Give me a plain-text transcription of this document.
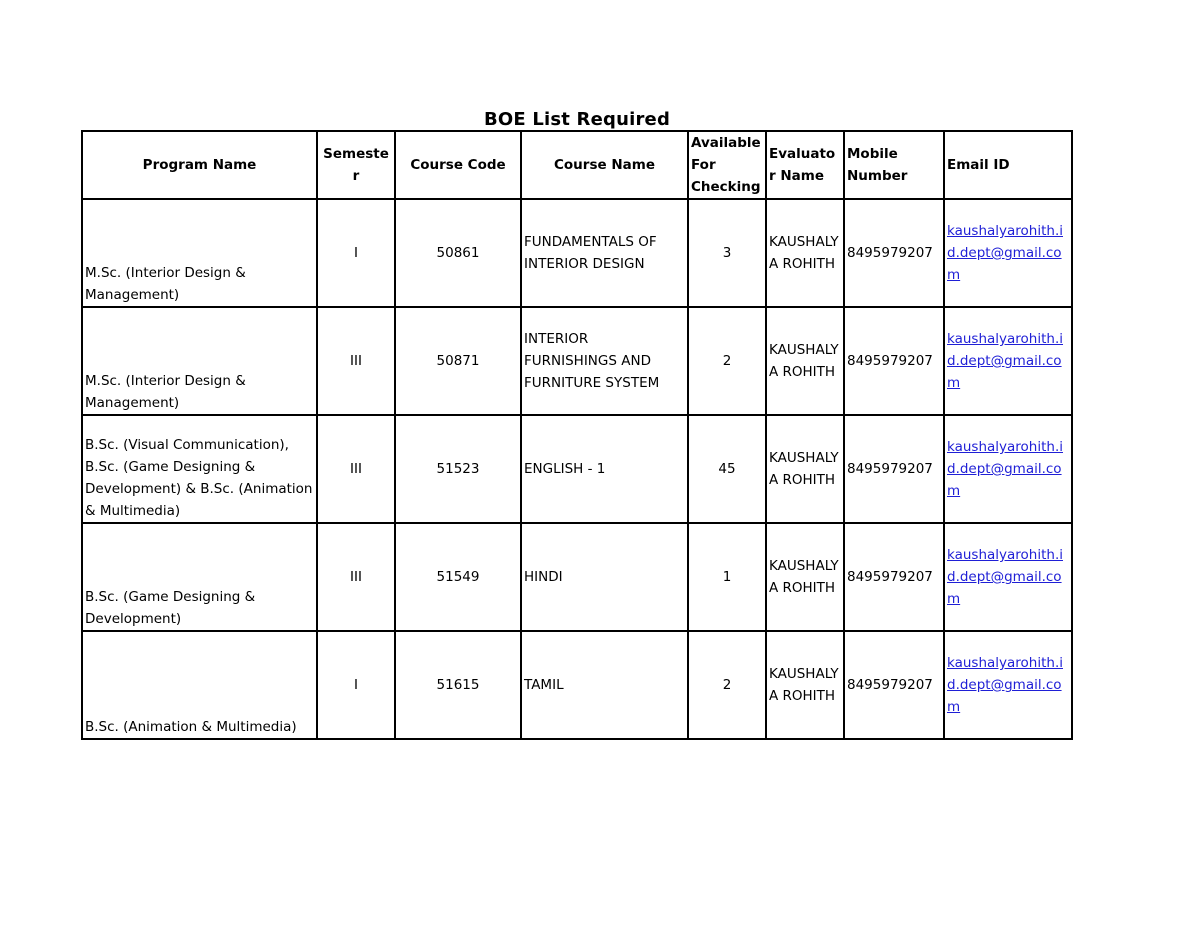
BOE List Required
Program Name	Semester	Course Code	Course Name	Available For Checking	Evaluator Name	Mobile Number	Email ID
M.Sc. (Interior Design & Management)	I	50861	FUNDAMENTALS OF INTERIOR DESIGN	3	KAUSHALYA ROHITH	8495979207	kaushalyarohith.id.dept@gmail.com
M.Sc. (Interior Design & Management)	III	50871	INTERIOR FURNISHINGS AND FURNITURE SYSTEM	2	KAUSHALYA ROHITH	8495979207	kaushalyarohith.id.dept@gmail.com
B.Sc. (Visual Communication), B.Sc. (Game Designing & Development) & B.Sc. (Animation & Multimedia)	III	51523	ENGLISH - 1	45	KAUSHALYA ROHITH	8495979207	kaushalyarohith.id.dept@gmail.com
B.Sc. (Game Designing & Development)	III	51549	HINDI	1	KAUSHALYA ROHITH	8495979207	kaushalyarohith.id.dept@gmail.com
B.Sc. (Animation & Multimedia)	I	51615	TAMIL	2	KAUSHALYA ROHITH	8495979207	kaushalyarohith.id.dept@gmail.com
